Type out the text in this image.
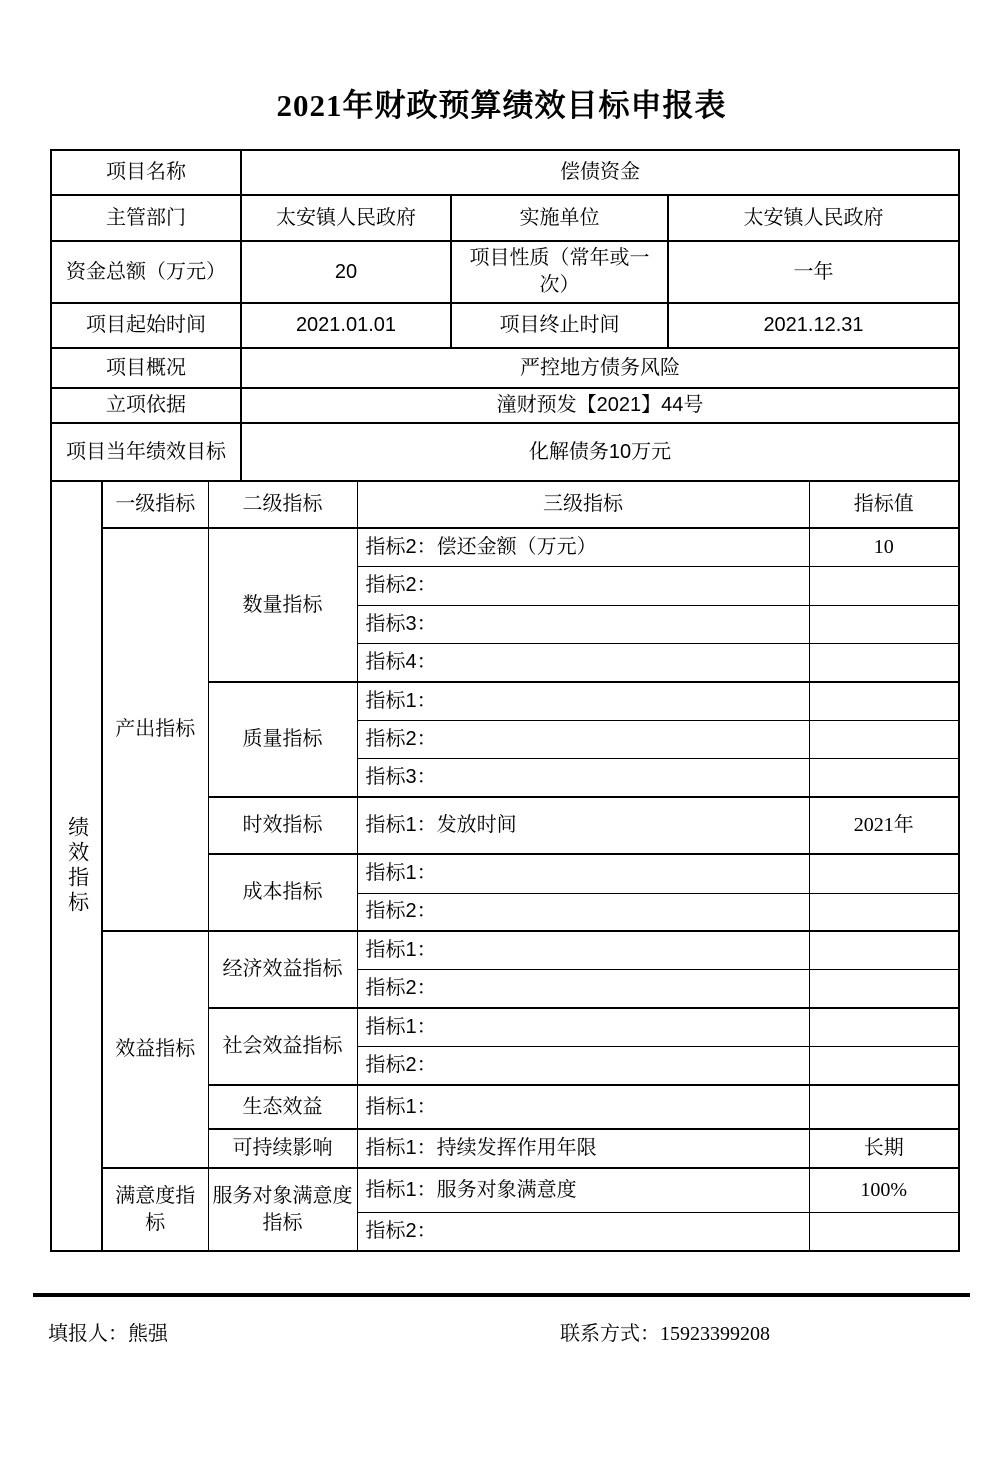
2021年财政预算绩效目标申报表
项目名称	偿债资金		
主管部门	太安镇人民政府	实施单位	太安镇人民政府
资金总额（万元）	20	项目性质（常年或一次）	一年
项目起始时间	2021.01.01	项目终止时间	2021.12.31
项目概况	严控地方债务风险		
立项依据	潼财预发【2021】44号		
项目当年绩效目标	化解债务10万元		
绩效指标	一级指标	二级指标	三级指标	指标值
	产出指标	数量指标	指标2：偿还金额（万元）	10
			指标2：	
			指标3：	
			指标4：	
		质量指标	指标1：	
			指标2：	
			指标3：	
		时效指标	指标1：发放时间	2021年
		成本指标	指标1：	
			指标2：	
	效益指标	经济效益指标	指标1：	
			指标2：	
		社会效益指标	指标1：	
			指标2：	
		生态效益	指标1：	
		可持续影响	指标1：持续发挥作用年限	长期
	满意度指标	服务对象满意度指标	指标1：服务对象满意度	100%
			指标2：	
填报人：熊强	联系方式：15923399208
